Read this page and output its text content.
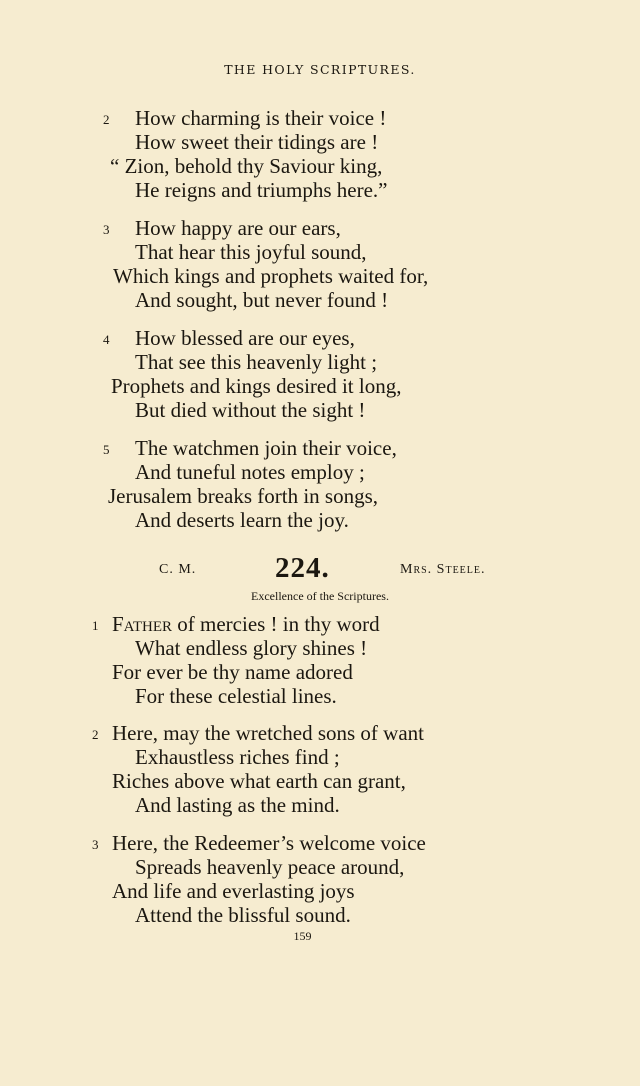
THE HOLY SCRIPTURES.
2 How charming is their voice !
How sweet their tidings are !
“ Zion, behold thy Saviour king,
He reigns and triumphs here.”
3 How happy are our ears,
That hear this joyful sound,
Which kings and prophets waited for,
And sought, but never found !
4 How blessed are our eyes,
That see this heavenly light ;
Prophets and kings desired it long,
But died without the sight !
5 The watchmen join their voice,
And tuneful notes employ ;
Jerusalem breaks forth in songs,
And deserts learn the joy.
C. M.	224.	Mrs. Steele.
Excellence of the Scriptures.
1 Father of mercies ! in thy word
What endless glory shines !
For ever be thy name adored
For these celestial lines.
2 Here, may the wretched sons of want
Exhaustless riches find ;
Riches above what earth can grant,
And lasting as the mind.
3 Here, the Redeemer’s welcome voice
Spreads heavenly peace around,
And life and everlasting joys
Attend the blissful sound.
159
